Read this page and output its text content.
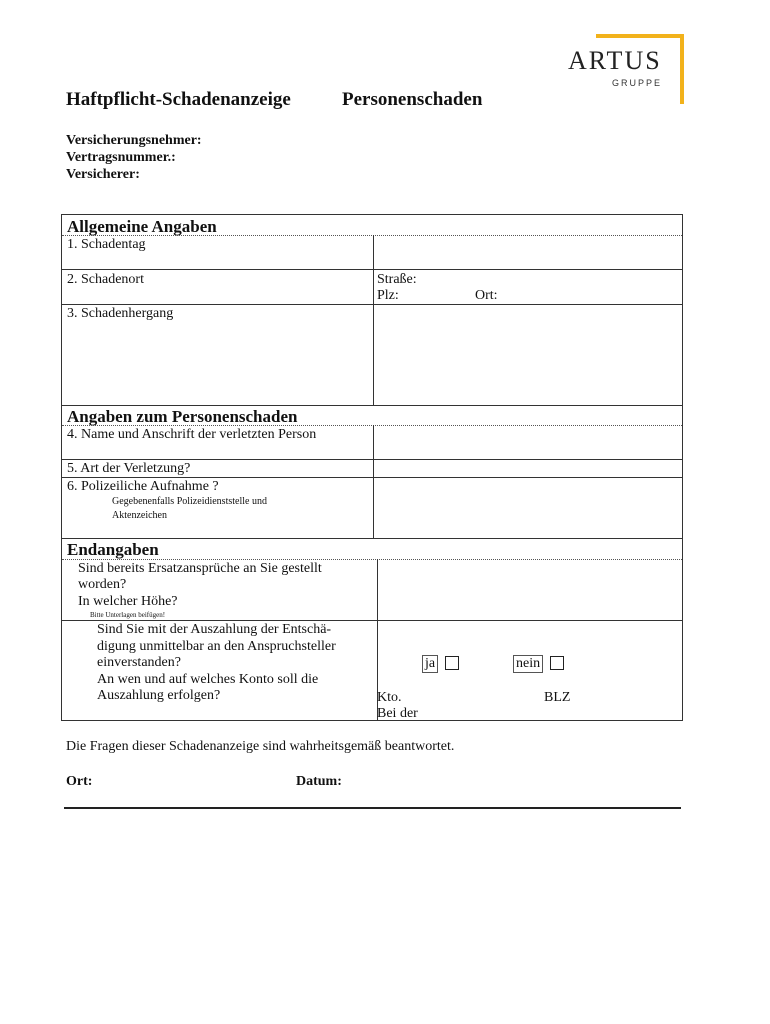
ARTUS
GRUPPE
Haftpflicht-Schadenanzeige	Personenschaden
Versicherungsnehmer:
Vertragsnummer.:
Versicherer:
Allgemeine Angaben
1. Schadentag
2. Schadenort	Straße:
Plz:	Ort:
3. Schadenhergang
Angaben zum Personenschaden
4. Name und Anschrift der verletzten Person
5. Art der Verletzung?
6. Polizeiliche Aufnahme ?
Gegebenenfalls Polizeidienststelle und
Aktenzeichen
Endangaben
Sind bereits Ersatzansprüche an Sie gestellt
worden?
In welcher Höhe?
Bitte Unterlagen beifügen!
Sind Sie mit der Auszahlung der Entschä-
digung unmittelbar an den Anspruchsteller
einverstanden?
An wen und auf welches Konto soll die
Auszahlung erfolgen?
ja	nein
Kto.	BLZ
Bei der
Die Fragen dieser Schadenanzeige sind wahrheitsgemäß beantwortet.
Ort:	Datum:
